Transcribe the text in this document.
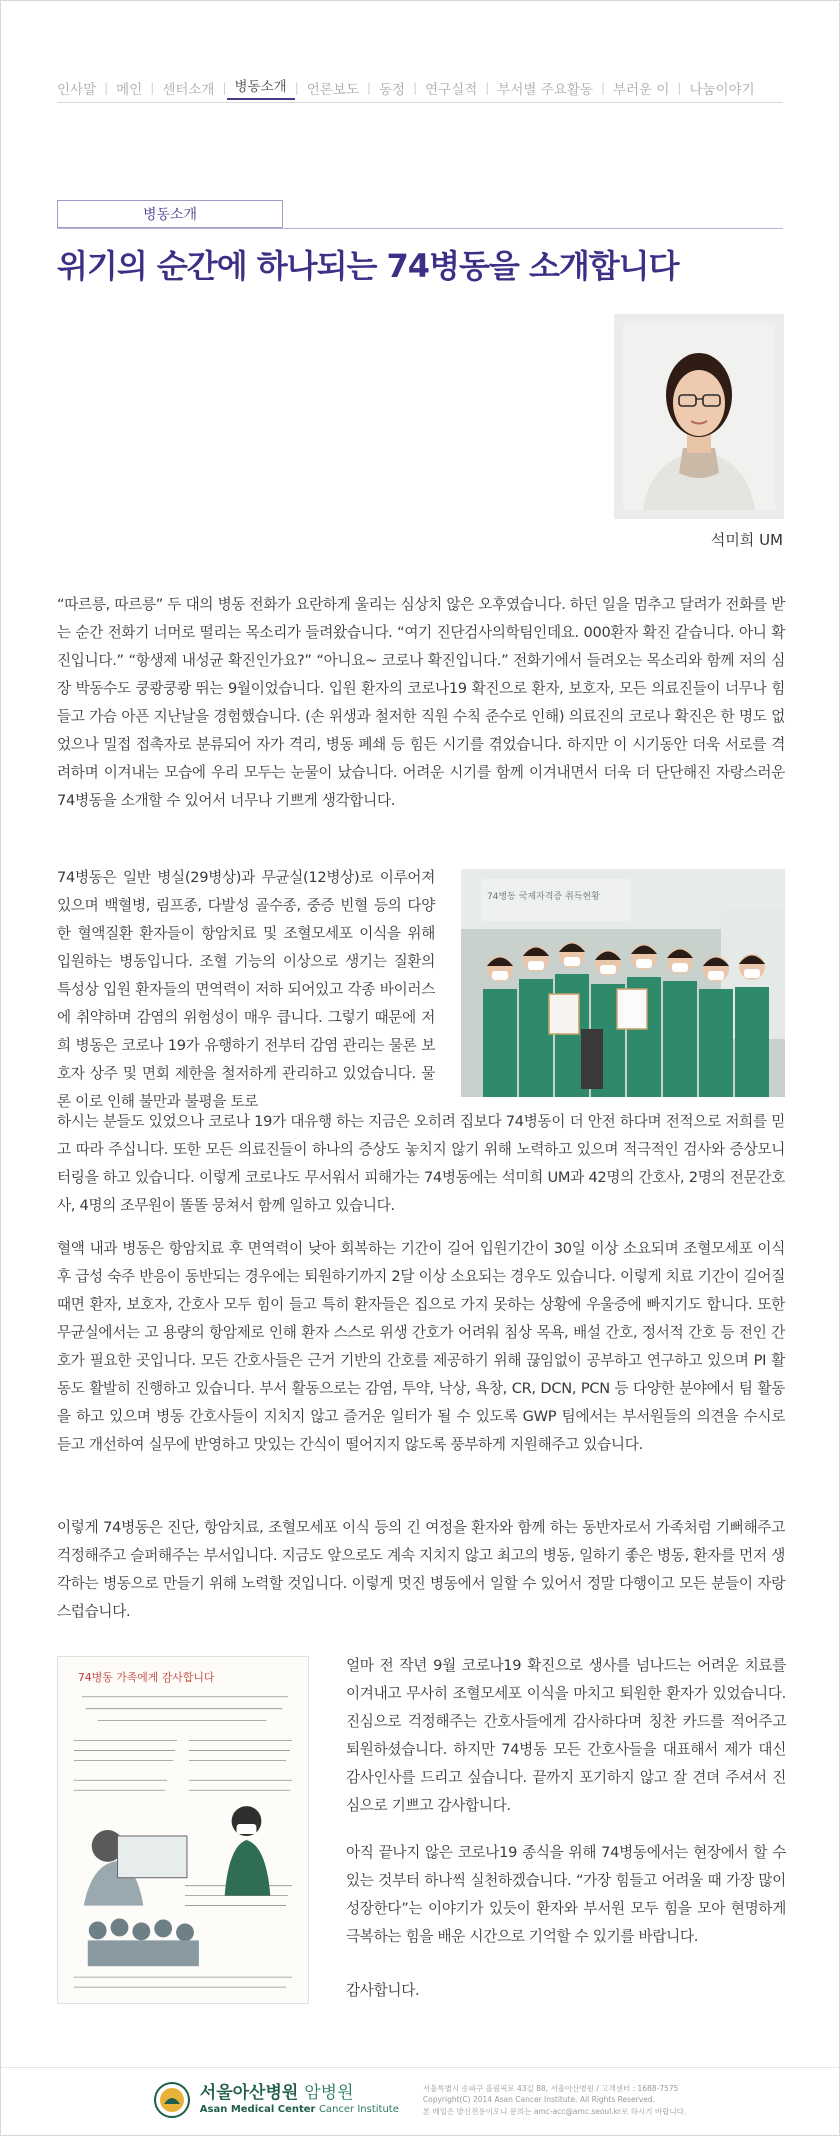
인사말 | 메인 | 센터소개 | 병동소개 | 언론보도 | 동정 | 연구실적 | 부서별 주요활동 | 부러운 이 | 나눔이야기
병동소개
위기의 순간에 하나되는 74병동을 소개합니다
석미희 UM

“따르릉, 따르릉” 두 대의 병동 전화가 요란하게 울리는 심상치 않은 오후였습니다. 하던 일을 멈추고 달려가 전화를 받는 순간 전화기 너머로 떨리는 목소리가 들려왔습니다. “여기 진단검사의학팀인데요. 000환자 확진 같습니다. 아니 확진입니다.” “항생제 내성균 확진인가요?” “아니요~ 코로나 확진입니다.” 전화기에서 들려오는 목소리와 함께 저의 심장 박동수도 쿵쾅쿵쾅 뛰는 9월이었습니다. 입원 환자의 코로나19 확진으로 환자, 보호자, 모든 의료진들이 너무나 힘들고 가슴 아픈 지난날을 경험했습니다. (손 위생과 철저한 직원 수칙 준수로 인해) 의료진의 코로나 확진은 한 명도 없었으나 밀접 접촉자로 분류되어 자가 격리, 병동 폐쇄 등 힘든 시기를 겪었습니다. 하지만 이 시기동안 더욱 서로를 격려하며 이겨내는 모습에 우리 모두는 눈물이 났습니다. 어려운 시기를 함께 이겨내면서 더욱 더 단단해진 자랑스러운 74병동을 소개할 수 있어서 너무나 기쁘게 생각합니다.

74병동은 일반 병실(29병상)과 무균실(12병상)로 이루어져 있으며 백혈병, 림프종, 다발성 골수종, 중증 빈혈 등의 다양한 혈액질환 환자들이 항암치료 및 조혈모세포 이식을 위해 입원하는 병동입니다. 조혈 기능의 이상으로 생기는 질환의 특성상 입원 환자들의 면역력이 저하 되어있고 각종 바이러스에 취약하며 감염의 위험성이 매우 큽니다. 그렇기 때문에 저희 병동은 코로나 19가 유행하기 전부터 감염 관리는 물론 보호자 상주 및 면회 제한을 철저하게 관리하고 있었습니다. 물론 이로 인해 불만과 불평을 토로

74병동 국제자격증 취득현황

하시는 분들도 있었으나 코로나 19가 대유행 하는 지금은 오히려 집보다 74병동이 더 안전 하다며 전적으로 저희를 믿고 따라 주십니다. 또한 모든 의료진들이 하나의 증상도 놓치지 않기 위해 노력하고 있으며 적극적인 검사와 증상모니터링을 하고 있습니다. 이렇게 코로나도 무서워서 피해가는 74병동에는 석미희 UM과 42명의 간호사, 2명의 전문간호사, 4명의 조무원이 똘똘 뭉쳐서 함께 일하고 있습니다.

혈액 내과 병동은 항암치료 후 면역력이 낮아 회복하는 기간이 길어 입원기간이 30일 이상 소요되며 조혈모세포 이식 후 급성 숙주 반응이 동반되는 경우에는 퇴원하기까지 2달 이상 소요되는 경우도 있습니다. 이렇게 치료 기간이 길어질 때면 환자, 보호자, 간호사 모두 힘이 들고 특히 환자들은 집으로 가지 못하는 상황에 우울증에 빠지기도 합니다. 또한 무균실에서는 고 용량의 항암제로 인해 환자 스스로 위생 간호가 어려워 침상 목욕, 배설 간호, 정서적 간호 등 전인 간호가 필요한 곳입니다. 모든 간호사들은 근거 기반의 간호를 제공하기 위해 끊임없이 공부하고 연구하고 있으며 PI 활동도 활발히 진행하고 있습니다. 부서 활동으로는 감염, 투약, 낙상, 욕창, CR, DCN, PCN 등 다양한 분야에서 팀 활동을 하고 있으며 병동 간호사들이 지치지 않고 즐거운 일터가 될 수 있도록 GWP 팀에서는 부서원들의 의견을 수시로 듣고 개선하여 실무에 반영하고 맛있는 간식이 떨어지지 않도록 풍부하게 지원해주고 있습니다.

이렇게 74병동은 진단, 항암치료, 조혈모세포 이식 등의 긴 여정을 환자와 함께 하는 동반자로서 가족처럼 기뻐해주고 걱정해주고 슬퍼해주는 부서입니다. 지금도 앞으로도 계속 지치지 않고 최고의 병동, 일하기 좋은 병동, 환자를 먼저 생각하는 병동으로 만들기 위해 노력할 것입니다. 이렇게 멋진 병동에서 일할 수 있어서 정말 다행이고 모든 분들이 자랑스럽습니다.

74병동 가족에게 감사합니다

얼마 전 작년 9월 코로나19 확진으로 생사를 넘나드는 어려운 치료를 이겨내고 무사히 조혈모세포 이식을 마치고 퇴원한 환자가 있었습니다. 진심으로 걱정해주는 간호사들에게 감사하다며 칭찬 카드를 적어주고 퇴원하셨습니다. 하지만 74병동 모든 간호사들을 대표해서 제가 대신 감사인사를 드리고 싶습니다. 끝까지 포기하지 않고 잘 견뎌 주셔서 진심으로 기쁘고 감사합니다.

아직 끝나지 않은 코로나19 종식을 위해 74병동에서는 현장에서 할 수 있는 것부터 하나씩 실천하겠습니다. “가장 힘들고 어려울 때 가장 많이 성장한다”는 이야기가 있듯이 환자와 부서원 모두 힘을 모아 현명하게 극복하는 힘을 배운 시간으로 기억할 수 있기를 바랍니다.

감사합니다.

서울아산병원 암병원
Asan Medical Center Cancer Institute
서울특별시 송파구 올림픽로 43길 88, 서울아산병원 / 고객센터 : 1688-7575
Copyright(C) 2014 Asan Cancer Institute. All Rights Reserved.
본 메일은 발신전용이오니 문의는 amc-acc@amc.seoul.kr로 하시기 바랍니다.
